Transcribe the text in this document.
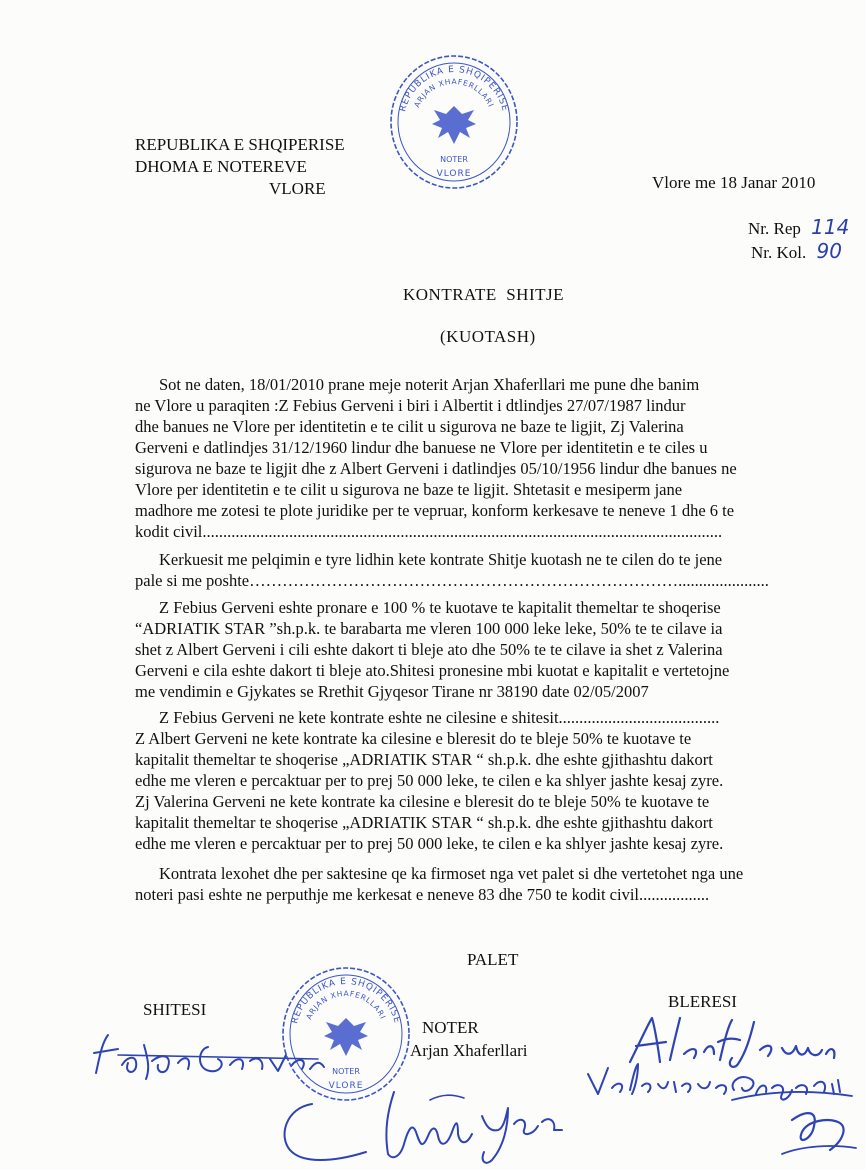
REPUBLIKA E SHQIPERISE
DHOMA E NOTEREVE
VLORE
REPUBLIKA E SHQIPERISE
ARJAN XHAFERLLARI
NOTER
VLORE	Vlore me 18 Janar 2010
Nr. Rep 114
Nr. Kol. 90
KONTRATE  SHITJE
(KUOTASH)
Sot ne daten, 18/01/2010 prane meje noterit Arjan Xhaferllari me pune dhe banim
ne Vlore u paraqiten :Z Febius Gerveni i biri i Albertit i dtlindjes 27/07/1987 lindur
dhe banues ne Vlore per identitetin e te cilit u sigurova ne baze te ligjit, Zj Valerina
Gerveni e datlindjes 31/12/1960 lindur dhe banuese ne Vlore per identitetin e te ciles u
sigurova ne baze te ligjit dhe z Albert Gerveni i datlindjes 05/10/1956 lindur dhe banues ne
Vlore per identitetin e te cilit u sigurova ne baze te ligjit. Shtetasit e mesiperm jane
madhore me zotesi te plote juridike per te vepruar, konform kerkesave te neneve 1 dhe 6 te
kodit civil..............................................................................................................................
Kerkuesit me pelqimin e tyre lidhin kete kontrate Shitje kuotash ne te cilen do te jene
pale si me poshte……………………………………………………………………......................
Z Febius Gerveni eshte pronare e 100 % te kuotave te kapitalit themeltar te shoqerise
“ADRIATIK STAR ”sh.p.k. te barabarta me vleren 100 000 leke leke, 50% te te cilave ia
shet z Albert Gerveni i cili eshte dakort ti bleje ato dhe 50% te te cilave ia shet z Valerina
Gerveni e cila eshte dakort ti bleje ato.Shitesi pronesine mbi kuotat e kapitalit e vertetojne
me vendimin e Gjykates se Rrethit Gjyqesor Tirane nr 38190 date 02/05/2007
Z Febius Gerveni ne kete kontrate eshte ne cilesine e shitesit.......................................
Z Albert Gerveni ne kete kontrate ka cilesine e bleresit do te bleje 50% te kuotave te
kapitalit themeltar te shoqerise „ADRIATIK STAR “ sh.p.k. dhe eshte gjithashtu dakort
edhe me vleren e percaktuar per to prej 50 000 leke, te cilen e ka shlyer jashte kesaj zyre.
Zj Valerina Gerveni ne kete kontrate ka cilesine e bleresit do te bleje 50% te kuotave te
kapitalit themeltar te shoqerise „ADRIATIK STAR “ sh.p.k. dhe eshte gjithashtu dakort
edhe me vleren e percaktuar per to prej 50 000 leke, te cilen e ka shlyer jashte kesaj zyre.
Kontrata lexohet dhe per saktesine qe ka firmoset nga vet palet si dhe vertetohet nga une
noteri pasi eshte ne perputhje me kerkesat e neneve 83 dhe 750 te kodit civil.................
PALET
SHITESI	BLERESI
NOTER
Arjan Xhaferllari
REPUBLIKA E SHQIPERISE
ARJAN XHAFERLLARI
NOTER
VLORE
